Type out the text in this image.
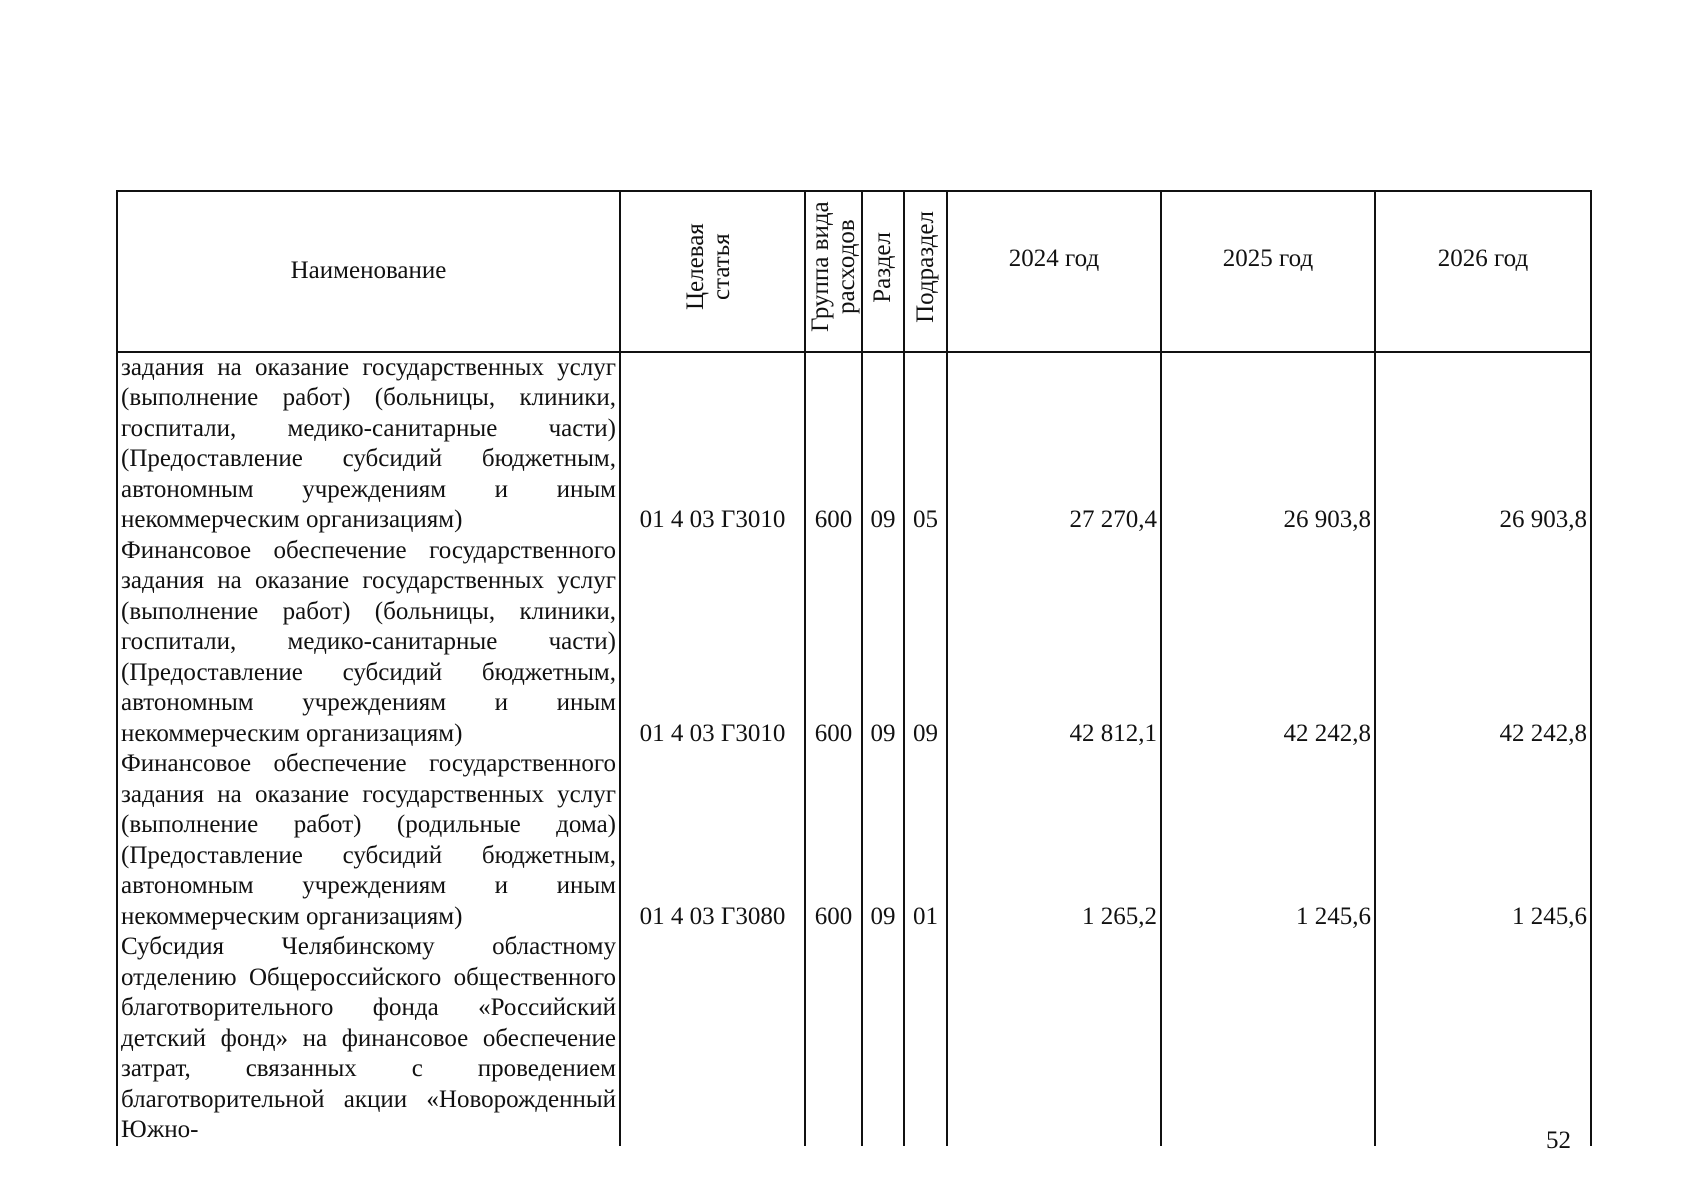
Наименование	Целевая статья	Группа вида расходов	Раздел	Подраздел	2024 год	2025 год	2026 год

задания на оказание государственных услуг (выполнение работ) (больницы, клиники, госпитали, медико-санитарные части) (Предоставление субсидий бюджетным, автономным учреждениям и иным некоммерческим организациям)	01 4 03 Г3010	600	09	05	27 270,4	26 903,8	26 903,8
Финансовое обеспечение государственного задания на оказание государственных услуг (выполнение работ) (больницы, клиники, госпитали, медико-санитарные части) (Предоставление субсидий бюджетным, автономным учреждениям и иным некоммерческим организациям)	01 4 03 Г3010	600	09	09	42 812,1	42 242,8	42 242,8
Финансовое обеспечение государственного задания на оказание государственных услуг (выполнение работ) (родильные дома) (Предоставление субсидий бюджетным, автономным учреждениям и иным некоммерческим организациям)	01 4 03 Г3080	600	09	01	1 265,2	1 245,6	1 245,6
Субсидия Челябинскому областному отделению Общероссийского общественного благотворительного фонда «Российский детский фонд» на финансовое обеспечение затрат, связанных с проведением благотворительной акции «Новорожденный Южно-								52
